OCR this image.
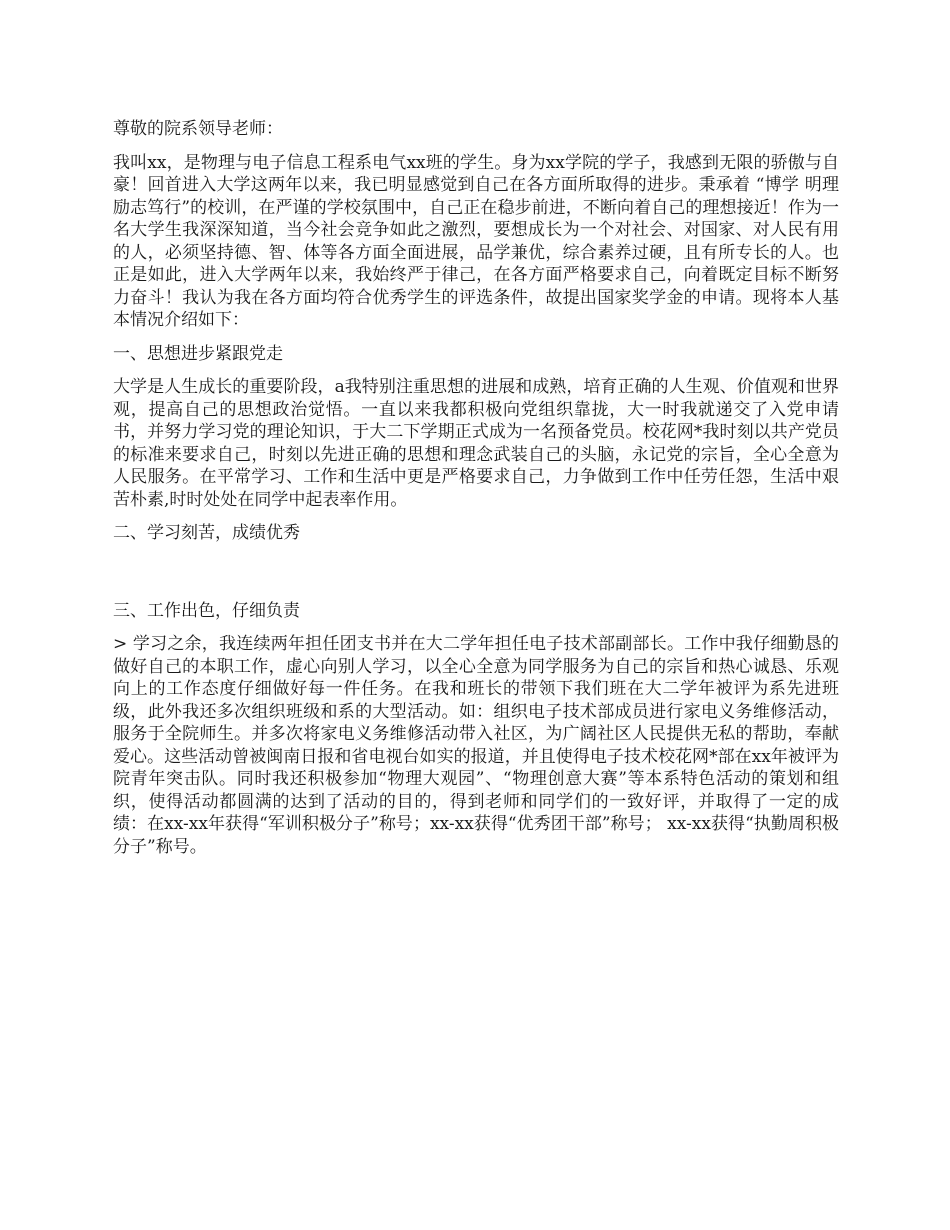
尊敬的院系领导老师：

我叫xx，是物理与电子信息工程系电气xx班的学生。身为xx学院的学子，我感到无限的骄傲与自豪！回首进入大学这两年以来，我已明显感觉到自己在各方面所取得的进步。秉承着 “博学 明理 励志笃行”的校训，在严谨的学校氛围中，自己正在稳步前进，不断向着自己的理想接近！作为一名大学生我深深知道，当今社会竞争如此之激烈，要想成长为一个对社会、对国家、对人民有用的人，必须坚持德、智、体等各方面全面进展，品学兼优，综合素养过硬，且有所专长的人。也正是如此，进入大学两年以来，我始终严于律己，在各方面严格要求自己，向着既定目标不断努力奋斗！我认为我在各方面均符合优秀学生的评选条件，故提出国家奖学金的申请。现将本人基本情况介绍如下：

一、思想进步紧跟党走

大学是人生成长的重要阶段，a我特别注重思想的进展和成熟，培育正确的人生观、价值观和世界观，提高自己的思想政治觉悟。一直以来我都积极向党组织靠拢，大一时我就递交了入党申请书，并努力学习党的理论知识，于大二下学期正式成为一名预备党员。校花网*我时刻以共产党员的标准来要求自己，时刻以先进正确的思想和理念武装自己的头脑，永记党的宗旨，全心全意为人民服务。在平常学习、工作和生活中更是严格要求自己，力争做到工作中任劳任怨，生活中艰苦朴素,时时处处在同学中起表率作用。

二、学习刻苦，成绩优秀

三、工作出色，仔细负责

> 学习之余，我连续两年担任团支书并在大二学年担任电子技术部副部长。工作中我仔细勤恳的做好自己的本职工作，虚心向别人学习，以全心全意为同学服务为自己的宗旨和热心诚恳、乐观向上的工作态度仔细做好每一件任务。在我和班长的带领下我们班在大二学年被评为系先进班级，此外我还多次组织班级和系的大型活动。如：组织电子技术部成员进行家电义务维修活动，服务于全院师生。并多次将家电义务维修活动带入社区，为广阔社区人民提供无私的帮助，奉献爱心。这些活动曾被闽南日报和省电视台如实的报道，并且使得电子技术校花网*部在xx年被评为院青年突击队。同时我还积极参加“物理大观园”、“物理创意大赛”等本系特色活动的策划和组织，使得活动都圆满的达到了活动的目的，得到老师和同学们的一致好评，并取得了一定的成绩：在xx-xx年获得“军训积极分子”称号；xx-xx获得“优秀团干部”称号； xx-xx获得“执勤周积极分子”称号。
